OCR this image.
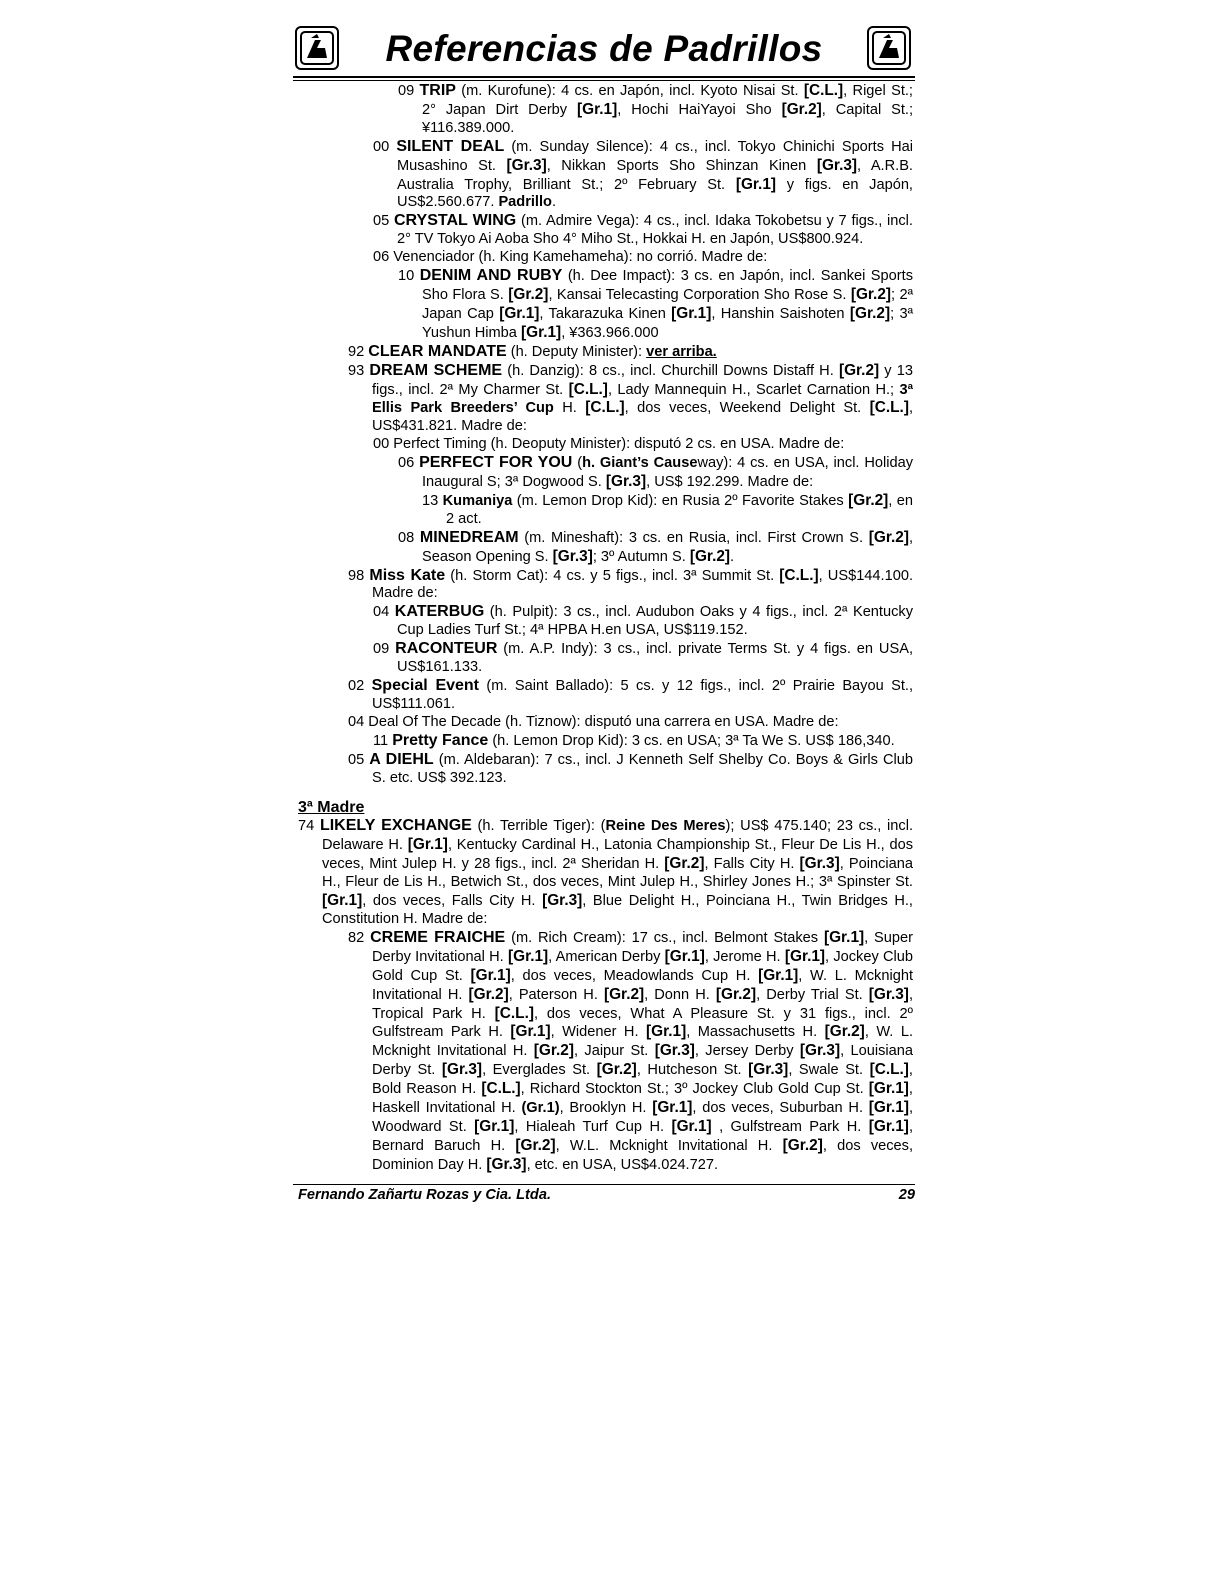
Referencias de Padrillos
09 TRIP (m. Kurofune): 4 cs. en Japón, incl. Kyoto Nisai St. [C.L.], Rigel St.; 2° Japan Dirt Derby [Gr.1], Hochi HaiYayoi Sho [Gr.2], Capital St.; ¥116.389.000.
00 SILENT DEAL (m. Sunday Silence): 4 cs., incl. Tokyo Chinichi Sports Hai Musashino St. [Gr.3], Nikkan Sports Sho Shinzan Kinen [Gr.3], A.R.B. Australia Trophy, Brilliant St.; 2º February St. [Gr.1] y figs. en Japón, US$2.560.677. Padrillo.
05 CRYSTAL WING (m. Admire Vega): 4 cs., incl. Idaka Tokobetsu y 7 figs., incl. 2° TV Tokyo Ai Aoba Sho 4° Miho St., Hokkai H. en Japón, US$800.924.
06 Venenciador (h. King Kamehameha): no corrió. Madre de:
10 DENIM AND RUBY (h. Dee Impact): 3 cs. en Japón, incl. Sankei Sports Sho Flora S. [Gr.2], Kansai Telecasting Corporation Sho Rose S. [Gr.2]; 2ª Japan Cap [Gr.1], Takarazuka Kinen [Gr.1], Hanshin Saishoten [Gr.2]; 3ª Yushun Himba [Gr.1], ¥363.966.000
92 CLEAR MANDATE (h. Deputy Minister): ver arriba.
93 DREAM SCHEME (h. Danzig): 8 cs., incl. Churchill Downs Distaff H. [Gr.2] y 13 figs., incl. 2ª My Charmer St. [C.L.], Lady Mannequin H., Scarlet Carnation H.; 3ª Ellis Park Breeders’ Cup H. [C.L.], dos veces, Weekend Delight St. [C.L.], US$431.821. Madre de:
00 Perfect Timing (h. Deoputy Minister): disputó 2 cs. en USA. Madre de:
06 PERFECT FOR YOU (h. Giant’s Causeway): 4 cs. en USA, incl. Holiday Inaugural S; 3ª Dogwood S. [Gr.3], US$ 192.299. Madre de:
13 Kumaniya (m. Lemon Drop Kid): en Rusia 2º Favorite Stakes [Gr.2], en 2 act.
08 MINEDREAM (m. Mineshaft): 3 cs. en Rusia, incl. First Crown S. [Gr.2], Season Opening S. [Gr.3]; 3º Autumn S. [Gr.2].
98 Miss Kate (h. Storm Cat): 4 cs. y 5 figs., incl. 3ª Summit St. [C.L.], US$144.100. Madre de:
04 KATERBUG (h. Pulpit): 3 cs., incl. Audubon Oaks y 4 figs., incl. 2ª Kentucky Cup Ladies Turf St.; 4ª HPBA H.en USA, US$119.152.
09 RACONTEUR (m. A.P. Indy): 3 cs., incl. private Terms St. y 4 figs. en USA, US$161.133.
02 Special Event (m. Saint Ballado): 5 cs. y 12 figs., incl. 2º Prairie Bayou St., US$111.061.
04 Deal Of The Decade (h. Tiznow): disputó una carrera en USA. Madre de:
11 Pretty Fance (h. Lemon Drop Kid): 3 cs. en USA; 3ª Ta We S. US$ 186,340.
05 A DIEHL (m. Aldebaran): 7 cs., incl. J Kenneth Self Shelby Co. Boys & Girls Club S. etc. US$ 392.123.
3ª Madre
74 LIKELY EXCHANGE (h. Terrible Tiger): (Reine Des Meres); US$ 475.140; 23 cs., incl. Delaware H. [Gr.1], Kentucky Cardinal H., Latonia Championship St., Fleur De Lis H., dos veces, Mint Julep H. y 28 figs., incl. 2ª Sheridan H. [Gr.2], Falls City H. [Gr.3], Poinciana H., Fleur de Lis H., Betwich St., dos veces, Mint Julep H., Shirley Jones H.; 3ª Spinster St. [Gr.1], dos veces, Falls City H. [Gr.3], Blue Delight H., Poinciana H., Twin Bridges H., Constitution H. Madre de:
82 CREME FRAICHE (m. Rich Cream): 17 cs., incl. Belmont Stakes [Gr.1], Super Derby Invitational H. [Gr.1], American Derby [Gr.1], Jerome H. [Gr.1], Jockey Club Gold Cup St. [Gr.1], dos veces, Meadowlands Cup H. [Gr.1], W. L. Mcknight Invitational H. [Gr.2], Paterson H. [Gr.2], Donn H. [Gr.2], Derby Trial St. [Gr.3], Tropical Park H. [C.L.], dos veces, What A Pleasure St. y 31 figs., incl. 2º Gulfstream Park H. [Gr.1], Widener H. [Gr.1], Massachusetts H. [Gr.2], W. L. Mcknight Invitational H. [Gr.2], Jaipur St. [Gr.3], Jersey Derby [Gr.3], Louisiana Derby St. [Gr.3], Everglades St. [Gr.2], Hutcheson St. [Gr.3], Swale St. [C.L.], Bold Reason H. [C.L.], Richard Stockton St.; 3º Jockey Club Gold Cup St. [Gr.1], Haskell Invitational H. (Gr.1), Brooklyn H. [Gr.1], dos veces, Suburban H. [Gr.1], Woodward St. [Gr.1], Hialeah Turf Cup H. [Gr.1] , Gulfstream Park H. [Gr.1], Bernard Baruch H. [Gr.2], W.L. Mcknight Invitational H. [Gr.2], dos veces, Dominion Day H. [Gr.3], etc. en USA, US$4.024.727.
Fernando Zañartu Rozas y Cia. Ltda.	29
